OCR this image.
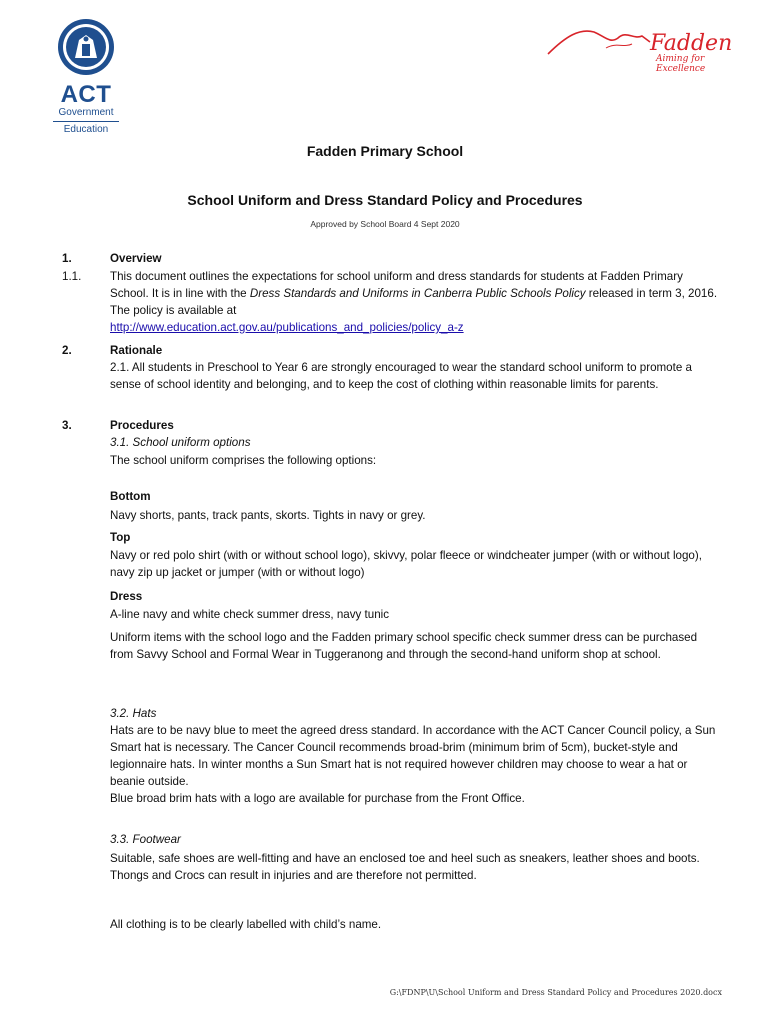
ACT
Government
Education
Fadden
Aiming for Excellence
Fadden Primary School
School Uniform and Dress Standard Policy and Procedures
Approved by School Board 4 Sept 2020
1.	Overview
1.1. This document outlines the expectations for school uniform and dress standards for students at Fadden Primary School. It is in line with the Dress Standards and Uniforms in Canberra Public Schools Policy released in term 3, 2016. The policy is available at
http://www.education.act.gov.au/publications_and_policies/policy_a-z
2.	Rationale
2.1. All students in Preschool to Year 6 are strongly encouraged to wear the standard school uniform to promote a sense of school identity and belonging, and to keep the cost of clothing within reasonable limits for parents.
3.	Procedures
3.1. School uniform options
The school uniform comprises the following options:
Bottom
Navy shorts, pants, track pants, skorts. Tights in navy or grey.
Top
Navy or red polo shirt (with or without school logo), skivvy, polar fleece or windcheater jumper (with or without logo), navy zip up jacket or jumper (with or without logo)
Dress
A-line navy and white check summer dress, navy tunic
Uniform items with the school logo and the Fadden primary school specific check summer dress can be purchased from Savvy School and Formal Wear in Tuggeranong and through the second-hand uniform shop at school.
3.2. Hats
Hats are to be navy blue to meet the agreed dress standard. In accordance with the ACT Cancer Council policy, a Sun Smart hat is necessary. The Cancer Council recommends broad-brim (minimum brim of 5cm), bucket-style and legionnaire hats. In winter months a Sun Smart hat is not required however children may choose to wear a hat or beanie outside.
Blue broad brim hats with a logo are available for purchase from the Front Office.
3.3. Footwear
Suitable, safe shoes are well-fitting and have an enclosed toe and heel such as sneakers, leather shoes and boots. Thongs and Crocs can result in injuries and are therefore not permitted.
All clothing is to be clearly labelled with child’s name.
G:\FDNP\U\School Uniform and Dress Standard Policy and Procedures 2020.docx
